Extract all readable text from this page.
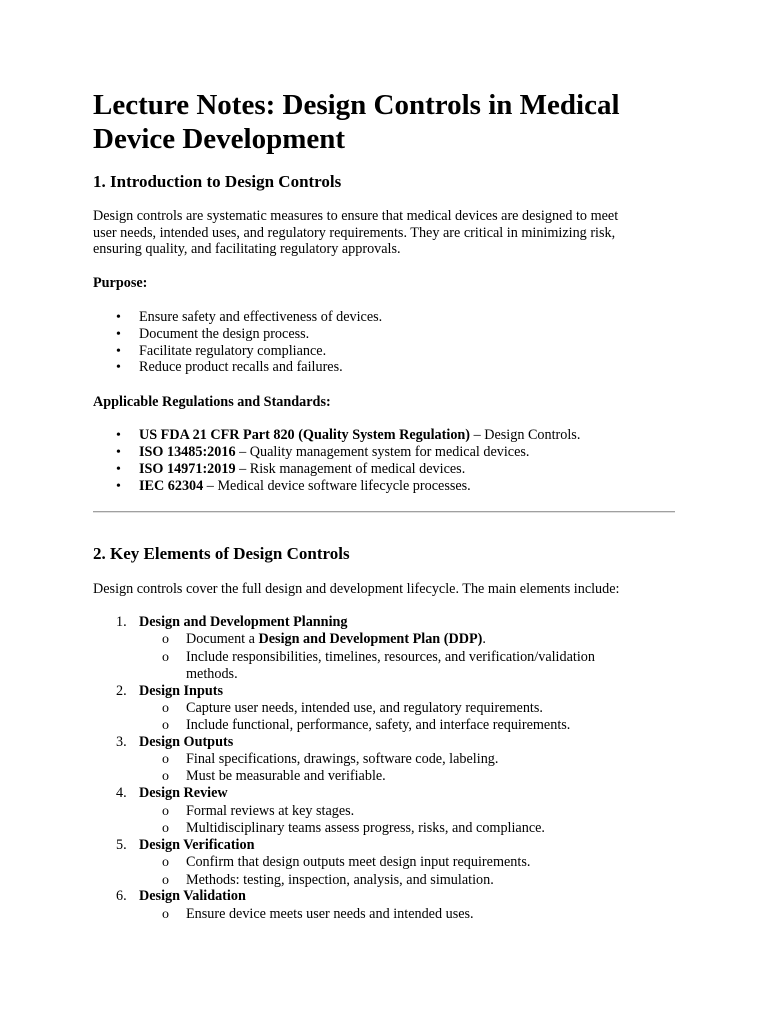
Lecture Notes: Design Controls in Medical
Device Development
1. Introduction to Design Controls
Design controls are systematic measures to ensure that medical devices are designed to meet
user needs, intended uses, and regulatory requirements. They are critical in minimizing risk,
ensuring quality, and facilitating regulatory approvals.
Purpose:
• Ensure safety and effectiveness of devices.
• Document the design process.
• Facilitate regulatory compliance.
• Reduce product recalls and failures.
Applicable Regulations and Standards:
• US FDA 21 CFR Part 820 (Quality System Regulation) – Design Controls.
• ISO 13485:2016 – Quality management system for medical devices.
• ISO 14971:2019 – Risk management of medical devices.
• IEC 62304 – Medical device software lifecycle processes.
2. Key Elements of Design Controls
Design controls cover the full design and development lifecycle. The main elements include:
1. Design and Development Planning
o Document a Design and Development Plan (DDP).
o Include responsibilities, timelines, resources, and verification/validation
methods.
2. Design Inputs
o Capture user needs, intended use, and regulatory requirements.
o Include functional, performance, safety, and interface requirements.
3. Design Outputs
o Final specifications, drawings, software code, labeling.
o Must be measurable and verifiable.
4. Design Review
o Formal reviews at key stages.
o Multidisciplinary teams assess progress, risks, and compliance.
5. Design Verification
o Confirm that design outputs meet design input requirements.
o Methods: testing, inspection, analysis, and simulation.
6. Design Validation
o Ensure device meets user needs and intended uses.
